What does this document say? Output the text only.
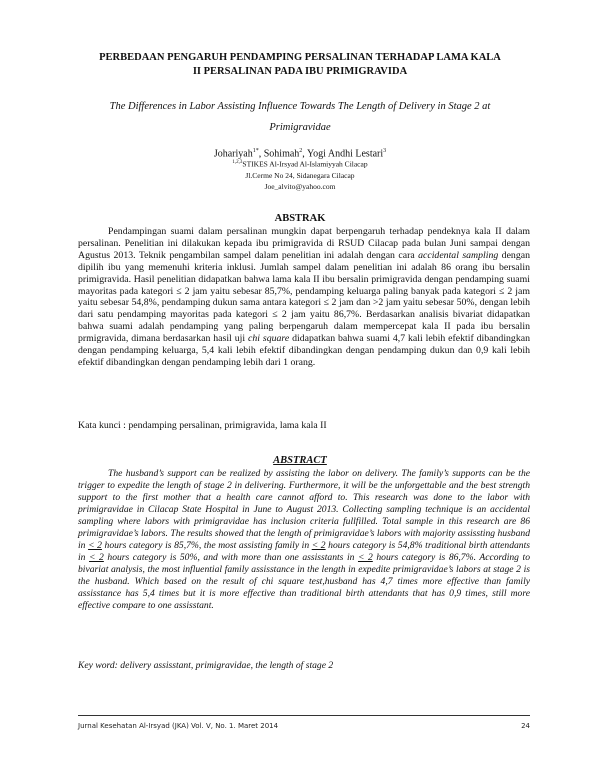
PERBEDAAN PENGARUH PENDAMPING PERSALINAN TERHADAP LAMA KALA
II PERSALINAN PADA IBU PRIMIGRAVIDA
The Differences in Labor Assisting Influence Towards The Length of Delivery in Stage 2 at
Primigravidae
Johariyah$^{1*}$, Sohimah$^2$, Yogi Andhi Lestari$^3$
$^{1,2,3}$STIKES Al-Irsyad Al-Islamiyyah Cilacap
Jl.Cerme No 24, Sidanegara Cilacap
Joe_alvito@yahoo.com
ABSTRAK

Pendampingan suami dalam persalinan mungkin dapat berpengaruh terhadap pendeknya kala II dalam persalinan. Penelitian ini dilakukan kepada ibu primigravida di RSUD Cilacap pada bulan Juni sampai dengan Agustus 2013. Teknik pengambilan sampel dalam penelitian ini adalah dengan cara accidental sampling dengan dipilih ibu yang memenuhi kriteria inklusi. Jumlah sampel dalam penelitian ini adalah 86 orang ibu bersalin primigravida. Hasil penelitian didapatkan bahwa lama kala II ibu bersalin primigravida dengan pendamping suami mayoritas pada kategori ≤ 2 jam yaitu sebesar 85,7%, pendamping keluarga paling banyak pada kategori ≤ 2 jam yaitu sebesar 54,8%, pendamping dukun sama antara kategori ≤ 2 jam dan >2 jam yaitu sebesar 50%, dengan lebih dari satu pendamping mayoritas pada kategori ≤ 2 jam yaitu 86,7%. Berdasarkan analisis bivariat didapatkan bahwa suami adalah pendamping yang paling berpengaruh dalam mempercepat kala II pada ibu bersalin prmigravida, dimana berdasarkan hasil uji chi square didapatkan bahwa suami 4,7 kali lebih efektif dibandingkan dengan pendamping keluarga, 5,4 kali lebih efektif dibandingkan dengan pendamping dukun dan 0,9 kali lebih efektif dibandingkan dengan pendamping lebih dari 1 orang.

Kata kunci : pendamping persalinan, primigravida, lama kala II
ABSTRACT

The husband’s support can be realized by assisting the labor on delivery. The family’s supports can be the trigger to expedite the length of stage 2 in delivering. Furthermore, it will be the unforgettable and the best strength support to the first mother that a health care cannot afford to. This research was done to the labor with primigravidae in Cilacap State Hospital in June to August 2013. Collecting sampling technique is an accidental sampling where labors with primigravidae has inclusion criteria fullfilled. Total sample in this research are 86 primigravidae’s labors. The results showed that the length of primigravidae’s labors with majority assissting husband in < 2 hours category is 85,7%, the most assisting family in < 2 hours category is 54,8% traditional birth attendants in < 2 hours category is 50%, and with more than one assisstants in < 2 hours category is 86,7%. According to bivariat analysis, the most influential family assisstance in the length in expedite primigravidae’s labors at stage 2 is the husband. Which based on the result of chi square test,husband has 4,7 times more effective than family assisstance has 5,4 times but it is more effective than traditional birth attendants that has 0,9 times, still more effective compare to one assisstant.

Key word: delivery assisstant, primigravidae, the length of stage 2
Jurnal Kesehatan Al-Irsyad (JKA) Vol. V, No. 1. Maret 2014	24
